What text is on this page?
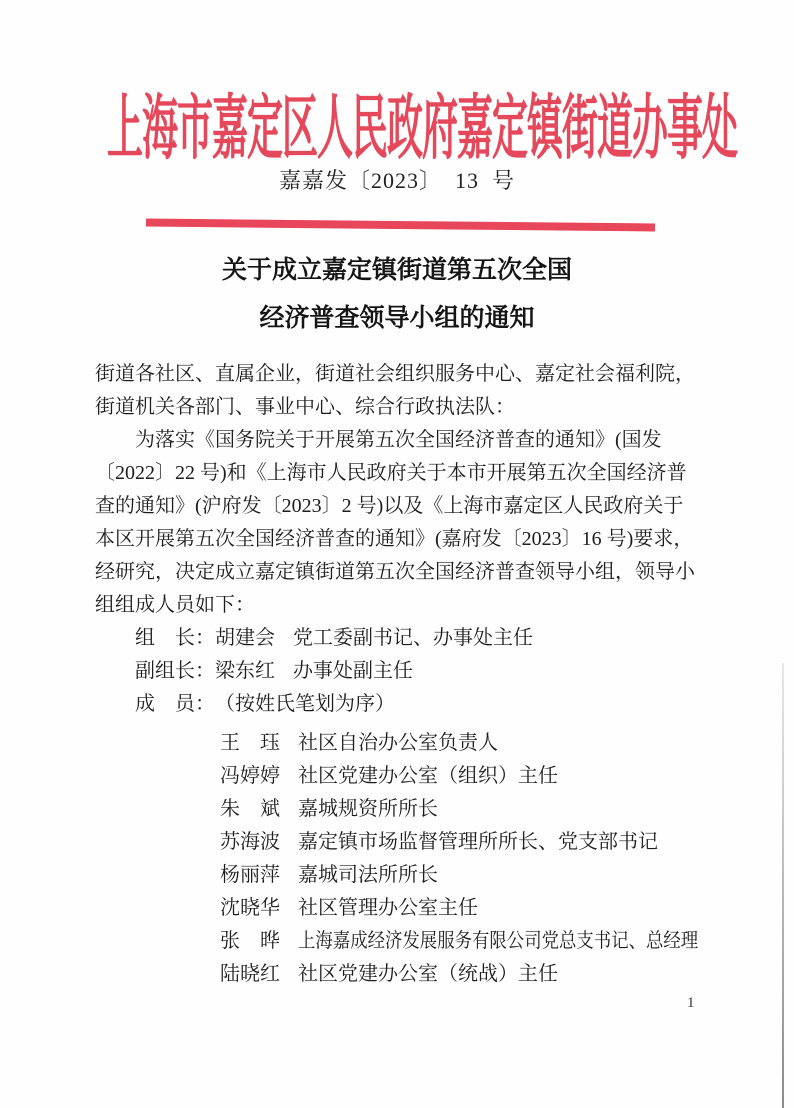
上海市嘉定区人民政府嘉定镇街道办事处
嘉嘉发〔2023〕  13  号
关于成立嘉定镇街道第五次全国
经济普查领导小组的通知
街道各社区、直属企业，街道社会组织服务中心、嘉定社会福利院，
街道机关各部门、事业中心、综合行政执法队：
为落实《国务院关于开展第五次全国经济普查的通知》(国发
〔2022〕22 号)和《上海市人民政府关于本市开展第五次全国经济普
查的通知》(沪府发〔2023〕2 号)以及《上海市嘉定区人民政府关于
本区开展第五次全国经济普查的通知》(嘉府发〔2023〕16 号)要求，
经研究，决定成立嘉定镇街道第五次全国经济普查领导小组，领导小
组组成人员如下：
组　长： 胡建会 党工委副书记、办事处主任
副组长： 梁东红 办事处副主任
成　员： （按姓氏笔划为序）
王　珏 社区自治办公室负责人
冯婷婷 社区党建办公室（组织）主任
朱　斌 嘉城规资所所长
苏海波 嘉定镇市场监督管理所所长、党支部书记
杨丽萍 嘉城司法所所长
沈晓华 社区管理办公室主任
张　晔 上海嘉成经济发展服务有限公司党总支书记、总经理
陆晓红 社区党建办公室（统战）主任
1
